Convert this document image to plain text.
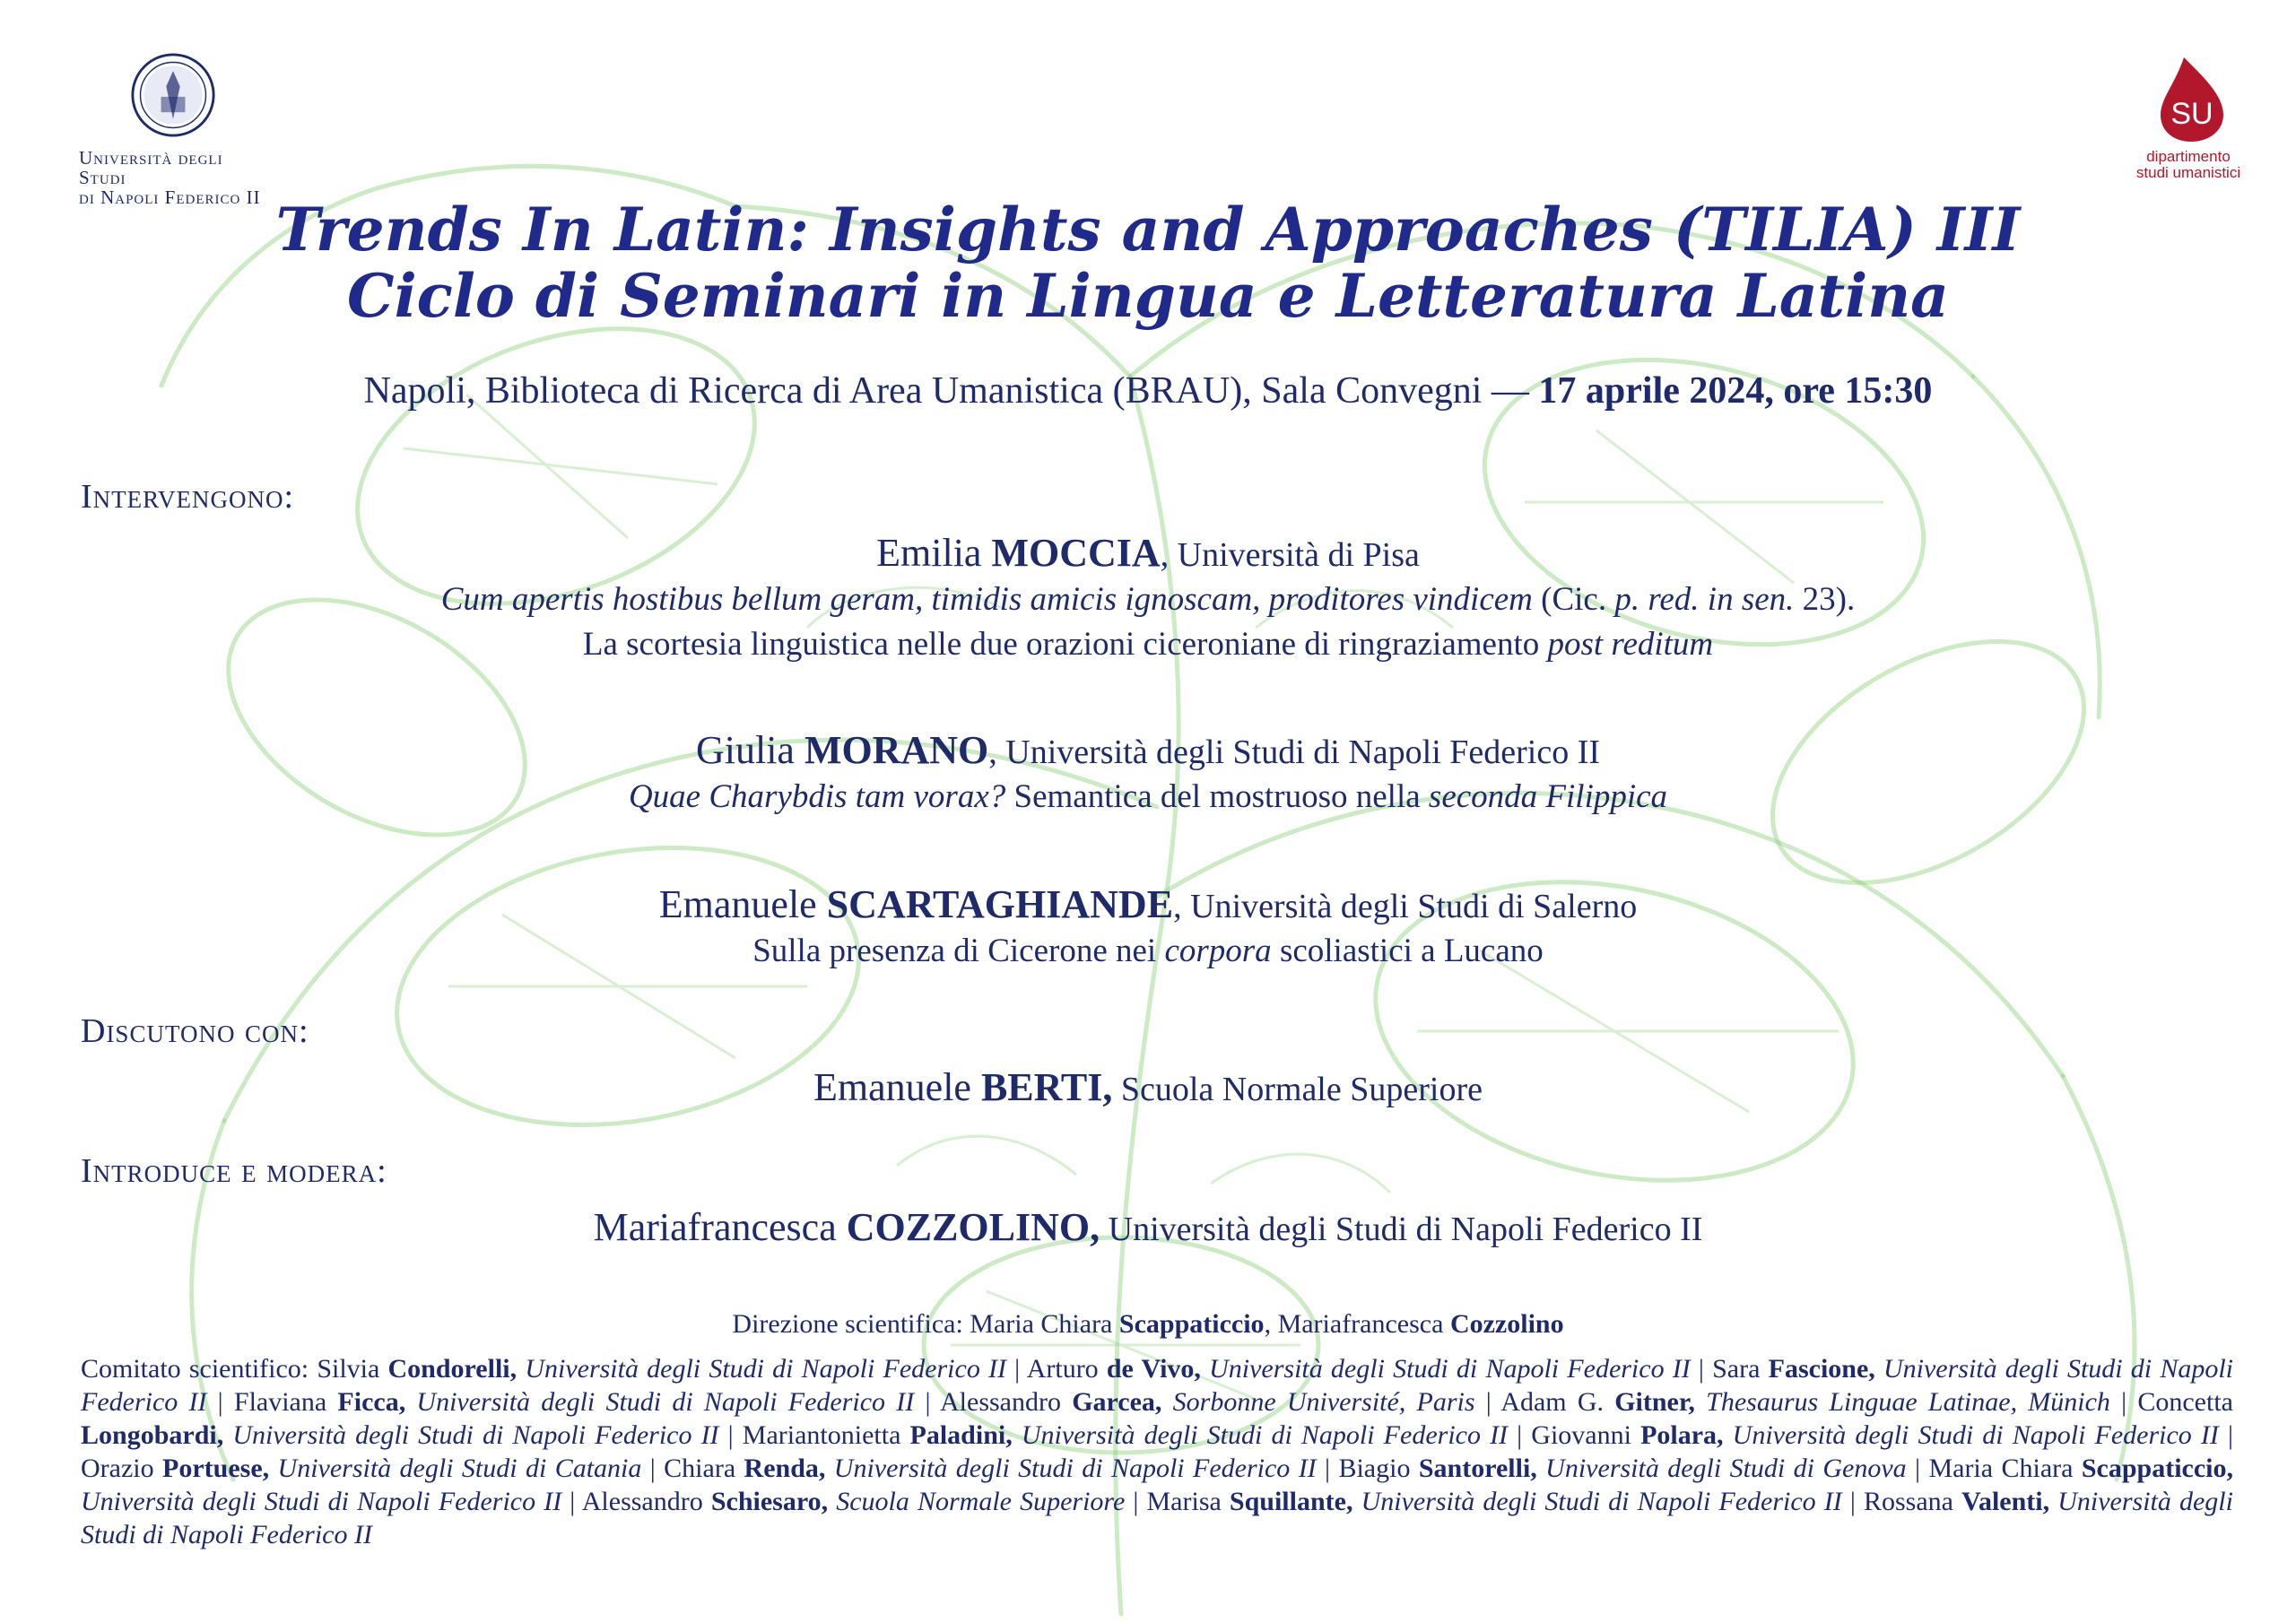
Università degli Studi
di Napoli Federico II
SU
dipartimento
studi umanistici
Trends In Latin: Insights and Approaches (TILIA) III
Ciclo di Seminari in Lingua e Letteratura Latina
Napoli, Biblioteca di Ricerca di Area Umanistica (BRAU), Sala Convegni — 17 aprile 2024, ore 15:30
Intervengono:
Discutono con:
Introduce e modera:
Emilia MOCCIA, Università di Pisa
Cum apertis hostibus bellum geram, timidis amicis ignoscam, proditores vindicem (Cic. p. red. in sen. 23).
La scortesia linguistica nelle due orazioni ciceroniane di ringraziamento post reditum
Giulia MORANO, Università degli Studi di Napoli Federico II
Quae Charybdis tam vorax? Semantica del mostruoso nella seconda Filippica
Emanuele SCARTAGHIANDE, Università degli Studi di Salerno
Sulla presenza di Cicerone nei corpora scoliastici a Lucano
Emanuele BERTI, Scuola Normale Superiore
Mariafrancesca COZZOLINO, Università degli Studi di Napoli Federico II
Direzione scientifica: Maria Chiara Scappaticcio, Mariafrancesca Cozzolino
Comitato scientifico: Silvia Condorelli, Università degli Studi di Napoli Federico II | Arturo de Vivo, Università degli Studi di Napoli Federico II | Sara Fascione, Università degli Studi di Napoli Federico II | Flaviana Ficca, Università degli Studi di Napoli Federico II | Alessandro Garcea, Sorbonne Université, Paris | Adam G. Gitner, Thesaurus Linguae Latinae, Münich | Concetta Longobardi, Università degli Studi di Napoli Federico II | Mariantonietta Paladini, Università degli Studi di Napoli Federico II | Giovanni Polara, Università degli Studi di Napoli Federico II | Orazio Portuese, Università degli Studi di Catania | Chiara Renda, Università degli Studi di Napoli Federico II | Biagio Santorelli, Università degli Studi di Genova | Maria Chiara Scappaticcio, Università degli Studi di Napoli Federico II | Alessandro Schiesaro, Scuola Normale Superiore | Marisa Squillante, Università degli Studi di Napoli Federico II | Rossana Valenti, Università degli Studi di Napoli Federico II
